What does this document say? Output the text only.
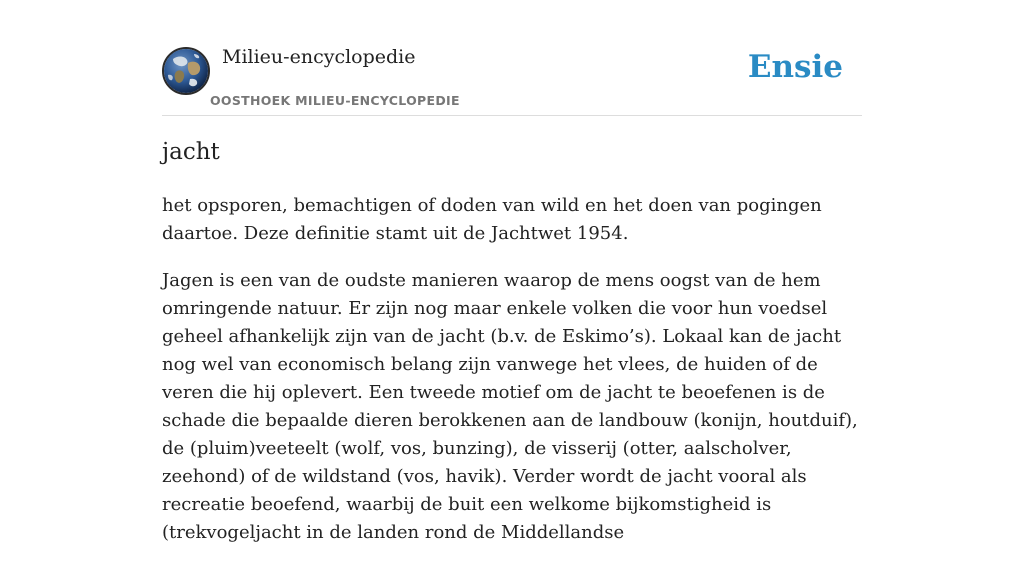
Milieu-encyclopedie
OOSTHOEK MILIEU-ENCYCLOPEDIE
Ensie
jacht

het opsporen, bemachtigen of doden van wild en het doen van pogingen daartoe. Deze definitie stamt uit de Jachtwet 1954.

Jagen is een van de oudste manieren waarop de mens oogst van de hem omringende natuur. Er zijn nog maar enkele volken die voor hun voedsel geheel afhankelijk zijn van de jacht (b.v. de Eskimo’s). Lokaal kan de jacht nog wel van economisch belang zijn vanwege het vlees, de huiden of de veren die hij oplevert. Een tweede motief om de jacht te beoefenen is de schade die bepaalde dieren berokkenen aan de landbouw (konijn, houtduif), de (pluim)veeteelt (wolf, vos, bunzing), de visserij (otter, aalscholver, zeehond) of de wildstand (vos, havik). Verder wordt de jacht vooral als recreatie beoefend, waarbij de buit een welkome bijkomstigheid is (trekvogeljacht in de landen rond de Middellandse
